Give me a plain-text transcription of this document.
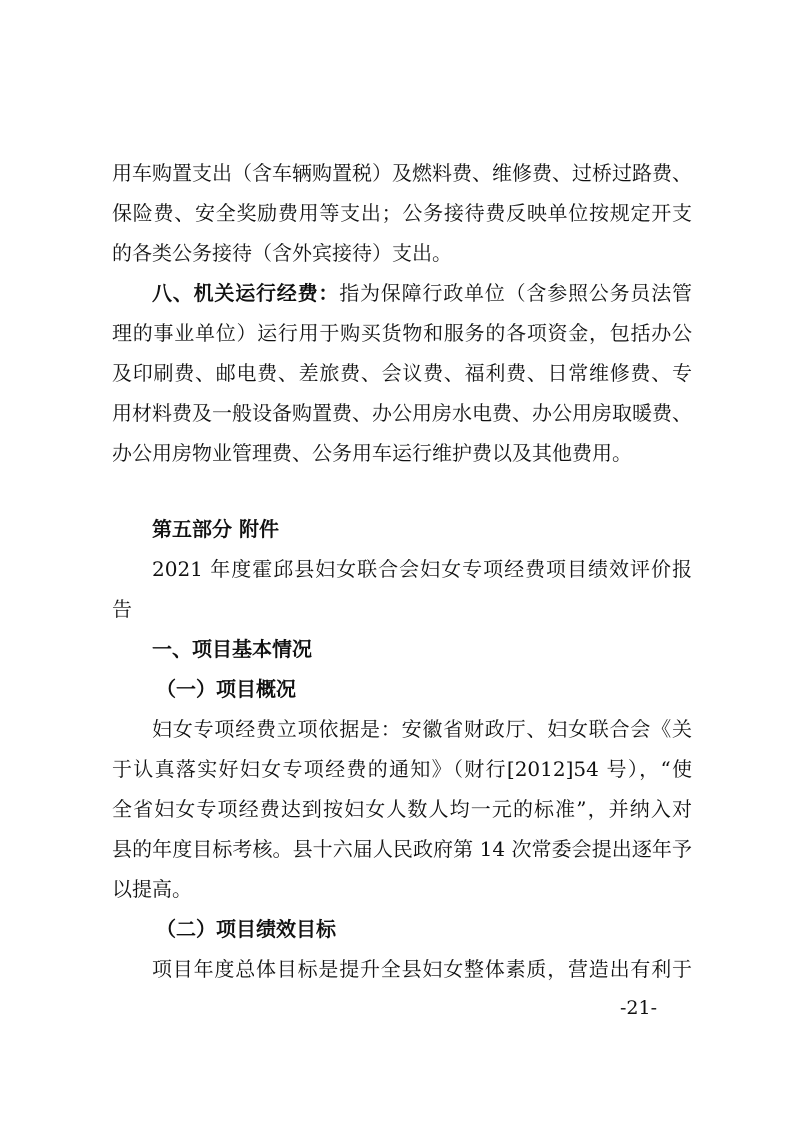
用车购置支出（含车辆购置税）及燃料费、维修费、过桥过路费、
保险费、安全奖励费用等支出；公务接待费反映单位按规定开支
的各类公务接待（含外宾接待）支出。
八、机关运行经费：指为保障行政单位（含参照公务员法管
理的事业单位）运行用于购买货物和服务的各项资金，包括办公
及印刷费、邮电费、差旅费、会议费、福利费、日常维修费、专
用材料费及一般设备购置费、办公用房水电费、办公用房取暖费、
办公用房物业管理费、公务用车运行维护费以及其他费用。
第五部分 附件
2021 年度霍邱县妇女联合会妇女专项经费项目绩效评价报
告
一、项目基本情况
（一）项目概况
妇女专项经费立项依据是：安徽省财政厅、妇女联合会《关
于认真落实好妇女专项经费的通知》（财行[2012]54 号），“使
全省妇女专项经费达到按妇女人数人均一元的标准”，并纳入对
县的年度目标考核。县十六届人民政府第 14 次常委会提出逐年予
以提高。
（二）项目绩效目标
项目年度总体目标是提升全县妇女整体素质，营造出有利于
-21-
